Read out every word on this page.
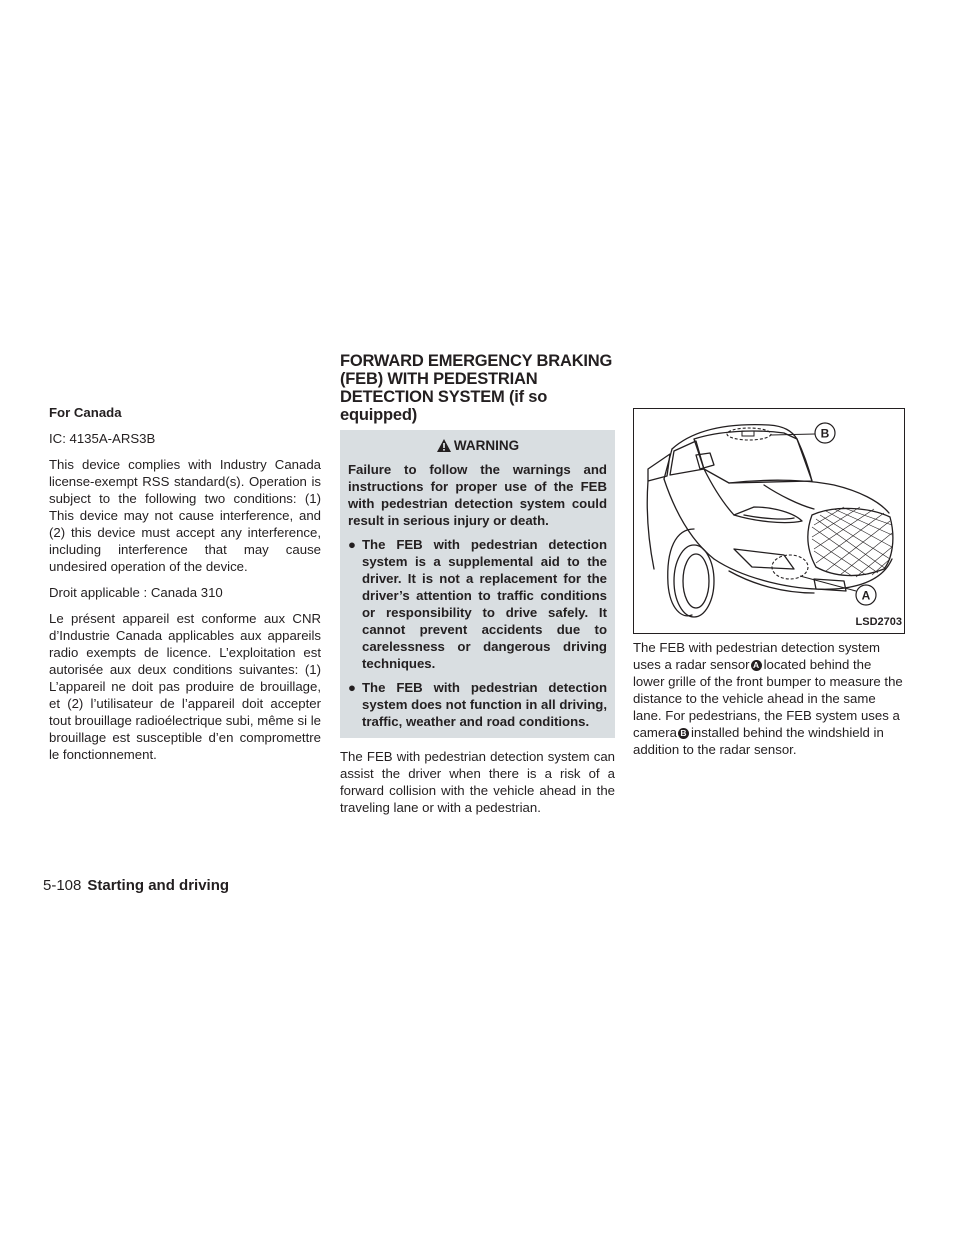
For Canada

IC: 4135A-ARS3B

This device complies with Industry Canada license-exempt RSS standard(s). Operation is subject to the following two conditions: (1) This device may not cause interference, and (2) this device must accept any interference, including interference that may cause undesired operation of the device.

Droit applicable : Canada 310

Le présent appareil est conforme aux CNR d’Industrie Canada applicables aux appareils radio exempts de licence. L’exploitation est autorisée aux deux conditions suivantes: (1) L’appareil ne doit pas produire de brouillage, et (2) l’utilisateur de l’appareil doit accepter tout brouillage radioélectrique subi, même si le brouillage est susceptible d’en compromettre le fonctionnement.

FORWARD EMERGENCY BRAKING (FEB) WITH PEDESTRIAN DETECTION SYSTEM (if so equipped)
WARNING

Failure to follow the warnings and instructions for proper use of the FEB with pedestrian detection system could result in serious injury or death.

● The FEB with pedestrian detection system is a supplemental aid to the driver. It is not a replacement for the driver’s attention to traffic conditions or responsibility to drive safely. It cannot prevent accidents due to carelessness or dangerous driving techniques.
● The FEB with pedestrian detection system does not function in all driving, traffic, weather and road conditions.

The FEB with pedestrian detection system can assist the driver when there is a risk of a forward collision with the vehicle ahead in the traveling lane or with a pedestrian.

B
A
LSD2703

The FEB with pedestrian detection system uses a radar sensor A located behind the lower grille of the front bumper to measure the distance to the vehicle ahead in the same lane. For pedestrians, the FEB system uses a camera B installed behind the windshield in addition to the radar sensor.

5-108 Starting and driving
